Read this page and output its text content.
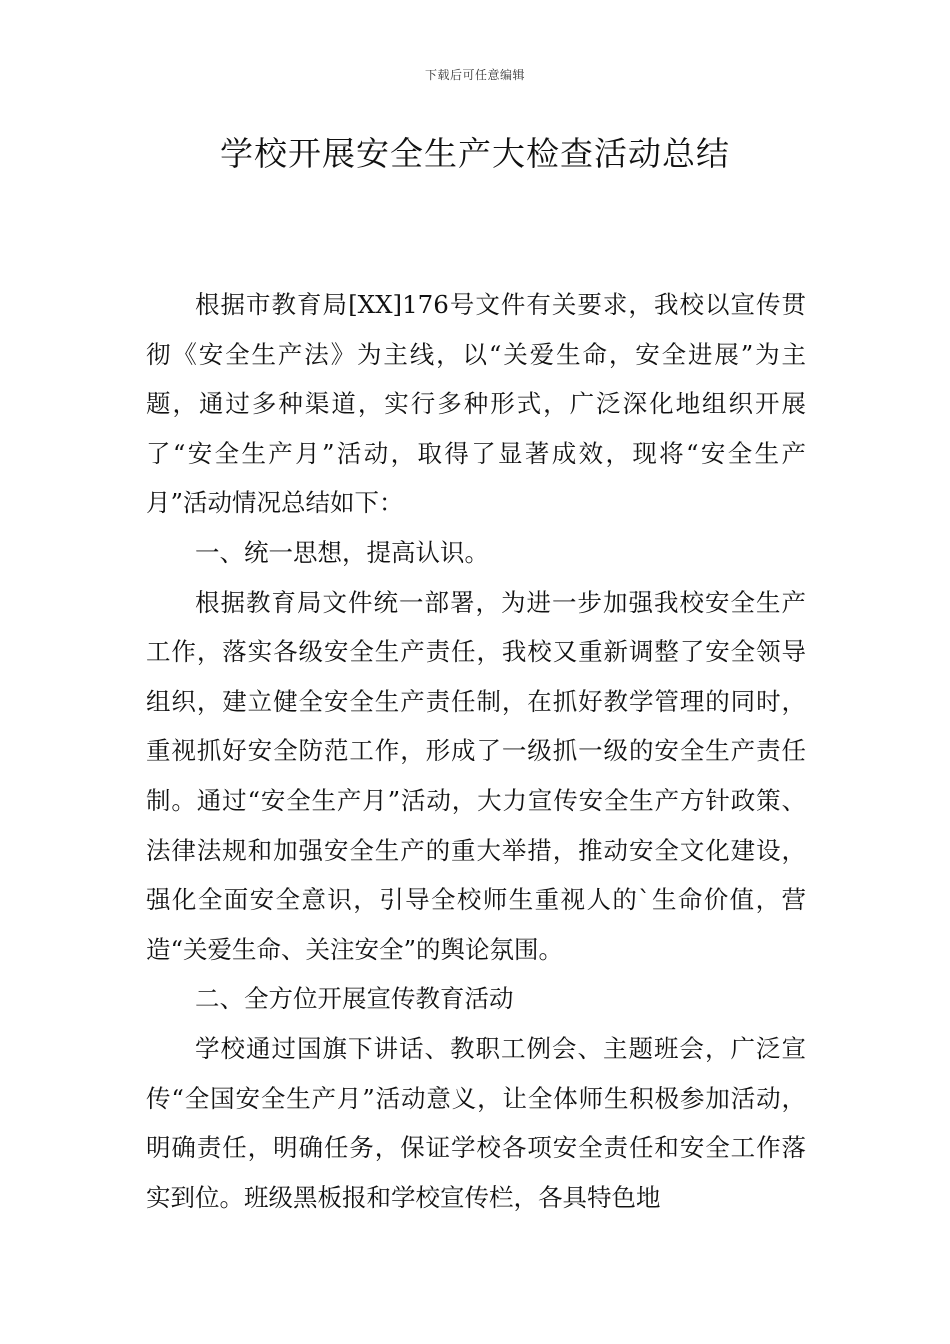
下载后可任意编辑
学校开展安全生产大检查活动总结

根据市教育局[XX]176号文件有关要求，我校以宣传贯彻《安全生产法》为主线，以“关爱生命，安全进展”为主题，通过多种渠道，实行多种形式，广泛深化地组织开展了“安全生产月”活动，取得了显著成效，现将“安全生产月”活动情况总结如下：

一、统一思想，提高认识。

根据教育局文件统一部署，为进一步加强我校安全生产工作，落实各级安全生产责任，我校又重新调整了安全领导组织，建立健全安全生产责任制，在抓好教学管理的同时，重视抓好安全防范工作，形成了一级抓一级的安全生产责任制。通过“安全生产月”活动，大力宣传安全生产方针政策、法律法规和加强安全生产的重大举措，推动安全文化建设，强化全面安全意识，引导全校师生重视人的`生命价值，营造“关爱生命、关注安全”的舆论氛围。

二、全方位开展宣传教育活动

学校通过国旗下讲话、教职工例会、主题班会，广泛宣传“全国安全生产月”活动意义，让全体师生积极参加活动，明确责任，明确任务，保证学校各项安全责任和安全工作落实到位。班级黑板报和学校宣传栏，各具特色地
